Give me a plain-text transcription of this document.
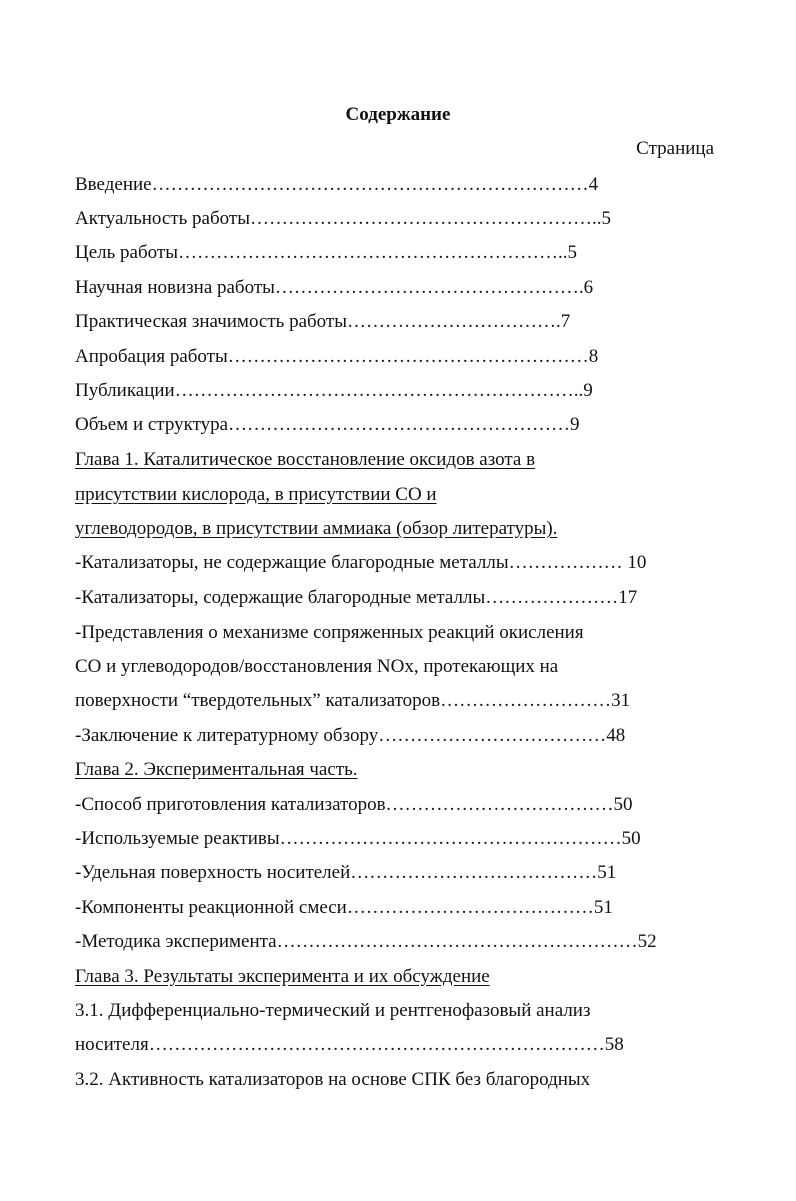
Содержание
Страница
Введение……………………………………………………………4
Актуальность работы………………………………………………..5
Цель работы……………………………………………………..5
Научная новизна работы………………………………………….6
Практическая значимость работы…………………………….7
Апробация работы…………………………………………………8
Публикации………………………………………………………..9
Объем и структура………………………………………………9
Глава 1. Каталитическое восстановление оксидов азота в
присутствии кислорода, в присутствии СО и
углеводородов, в присутствии аммиака (обзор литературы).
-Катализаторы, не содержащие благородные металлы……………… 10
-Катализаторы, содержащие благородные металлы…………………17
-Представления о механизме сопряженных реакций окисления
СО и углеводородов/восстановления NOx, протекающих на
поверхности “твердотельных” катализаторов………………………31
-Заключение к литературному обзору………………………………48
Глава 2. Экспериментальная часть.
-Способ приготовления катализаторов………………………………50
-Используемые реактивы………………………………………………50
-Удельная поверхность носителей…………………………………51
-Компоненты реакционной смеси…………………………………51
-Методика эксперимента…………………………………………………52
Глава 3. Результаты эксперимента и их обсуждение
3.1. Дифференциально-термический и рентгенофазовый анализ
носителя………………………………………………………………58
3.2. Активность катализаторов на основе СПК без благородных
